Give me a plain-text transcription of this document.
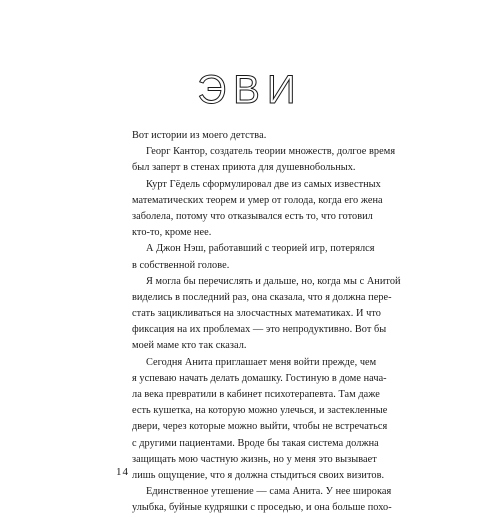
ЭВИ
Вот истории из моего детства.
Георг Кантор, создатель теории множеств, долгое время
был заперт в стенах приюта для душевнобольных.
Курт Гёдель сформулировал две из самых известных
математических теорем и умер от голода, когда его жена
заболела, потому что отказывался есть то, что готовил
кто-то, кроме нее.
А Джон Нэш, работавший с теорией игр, потерялся
в собственной голове.
Я могла бы перечислять и дальше, но, когда мы с Анитой
виделись в последний раз, она сказала, что я должна пере-
стать зацикливаться на злосчастных математиках. И что
фиксация на их проблемах — это непродуктивно. Вот бы
моей маме кто так сказал.
Сегодня Анита приглашает меня войти прежде, чем
я успеваю начать делать домашку. Гостиную в доме нача-
ла века превратили в кабинет психотерапевта. Там даже
есть кушетка, на которую можно улечься, и застекленные
двери, через которые можно выйти, чтобы не встречаться
с другими пациентами. Вроде бы такая система должна
защищать мою частную жизнь, но у меня это вызывает
лишь ощущение, что я должна стыдиться своих визитов.
Единственное утешение — сама Анита. У нее широкая
улыбка, буйные кудряшки с проседью, и она больше похо-
14
